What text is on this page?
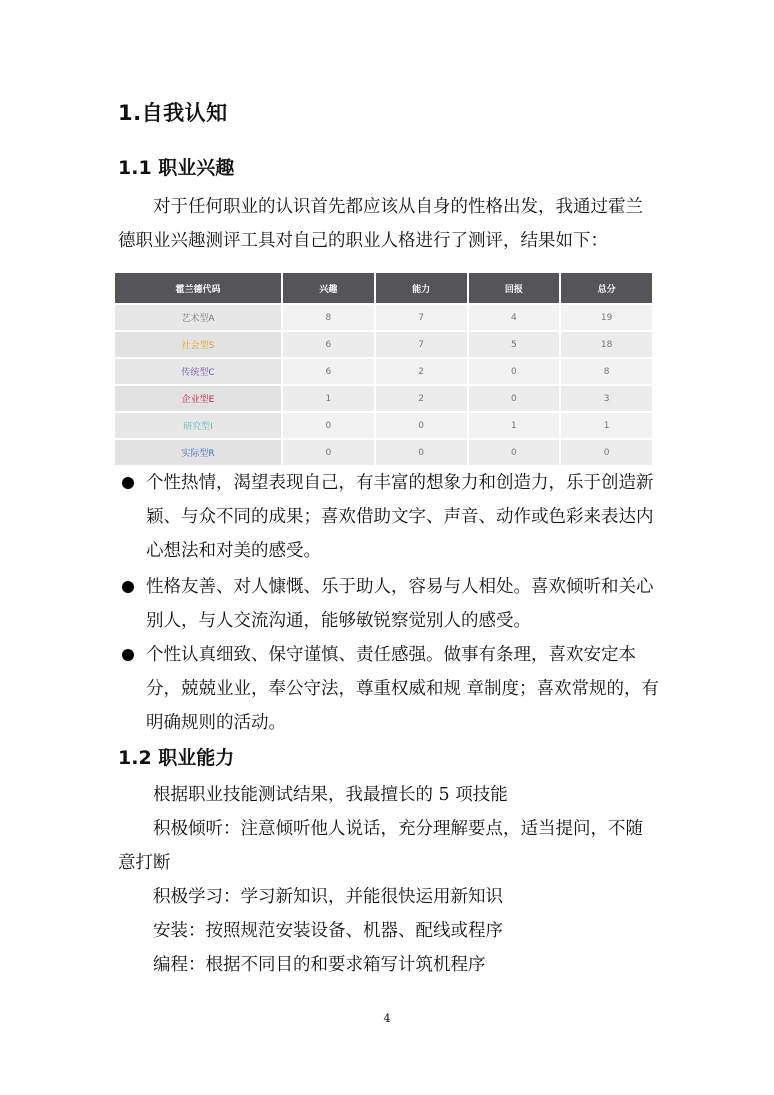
1.自我认知
1.1 职业兴趣
对于任何职业的认识首先都应该从自身的性格出发，我通过霍兰德职业兴趣测评工具对自己的职业人格进行了测评，结果如下：
霍兰德代码	兴趣	能力	回报	总分
艺术型A	8	7	4	19
社会型S	6	7	5	18
传统型C	6	2	0	8
企业型E	1	2	0	3
研究型I	0	0	1	1
实际型R	0	0	0	0
个性热情，渴望表现自己，有丰富的想象力和创造力，乐于创造新颖、与众不同的成果；喜欢借助文字、声音、动作或色彩来表达内心想法和对美的感受。
性格友善、对人慷慨、乐于助人，容易与人相处。喜欢倾听和关心别人，与人交流沟通，能够敏锐察觉别人的感受。
个性认真细致、保守谨慎、责任感强。做事有条理，喜欢安定本分，兢兢业业，奉公守法，尊重权威和规 章制度；喜欢常规的，有明确规则的活动。
1.2 职业能力
根据职业技能测试结果，我最擅长的 5 项技能
积极倾听：注意倾听他人说话，充分理解要点，适当提问，不随意打断
积极学习：学习新知识，并能很快运用新知识
安装：按照规范安装设备、机器、配线或程序
编程：根据不同目的和要求箱写计筑机程序
4
